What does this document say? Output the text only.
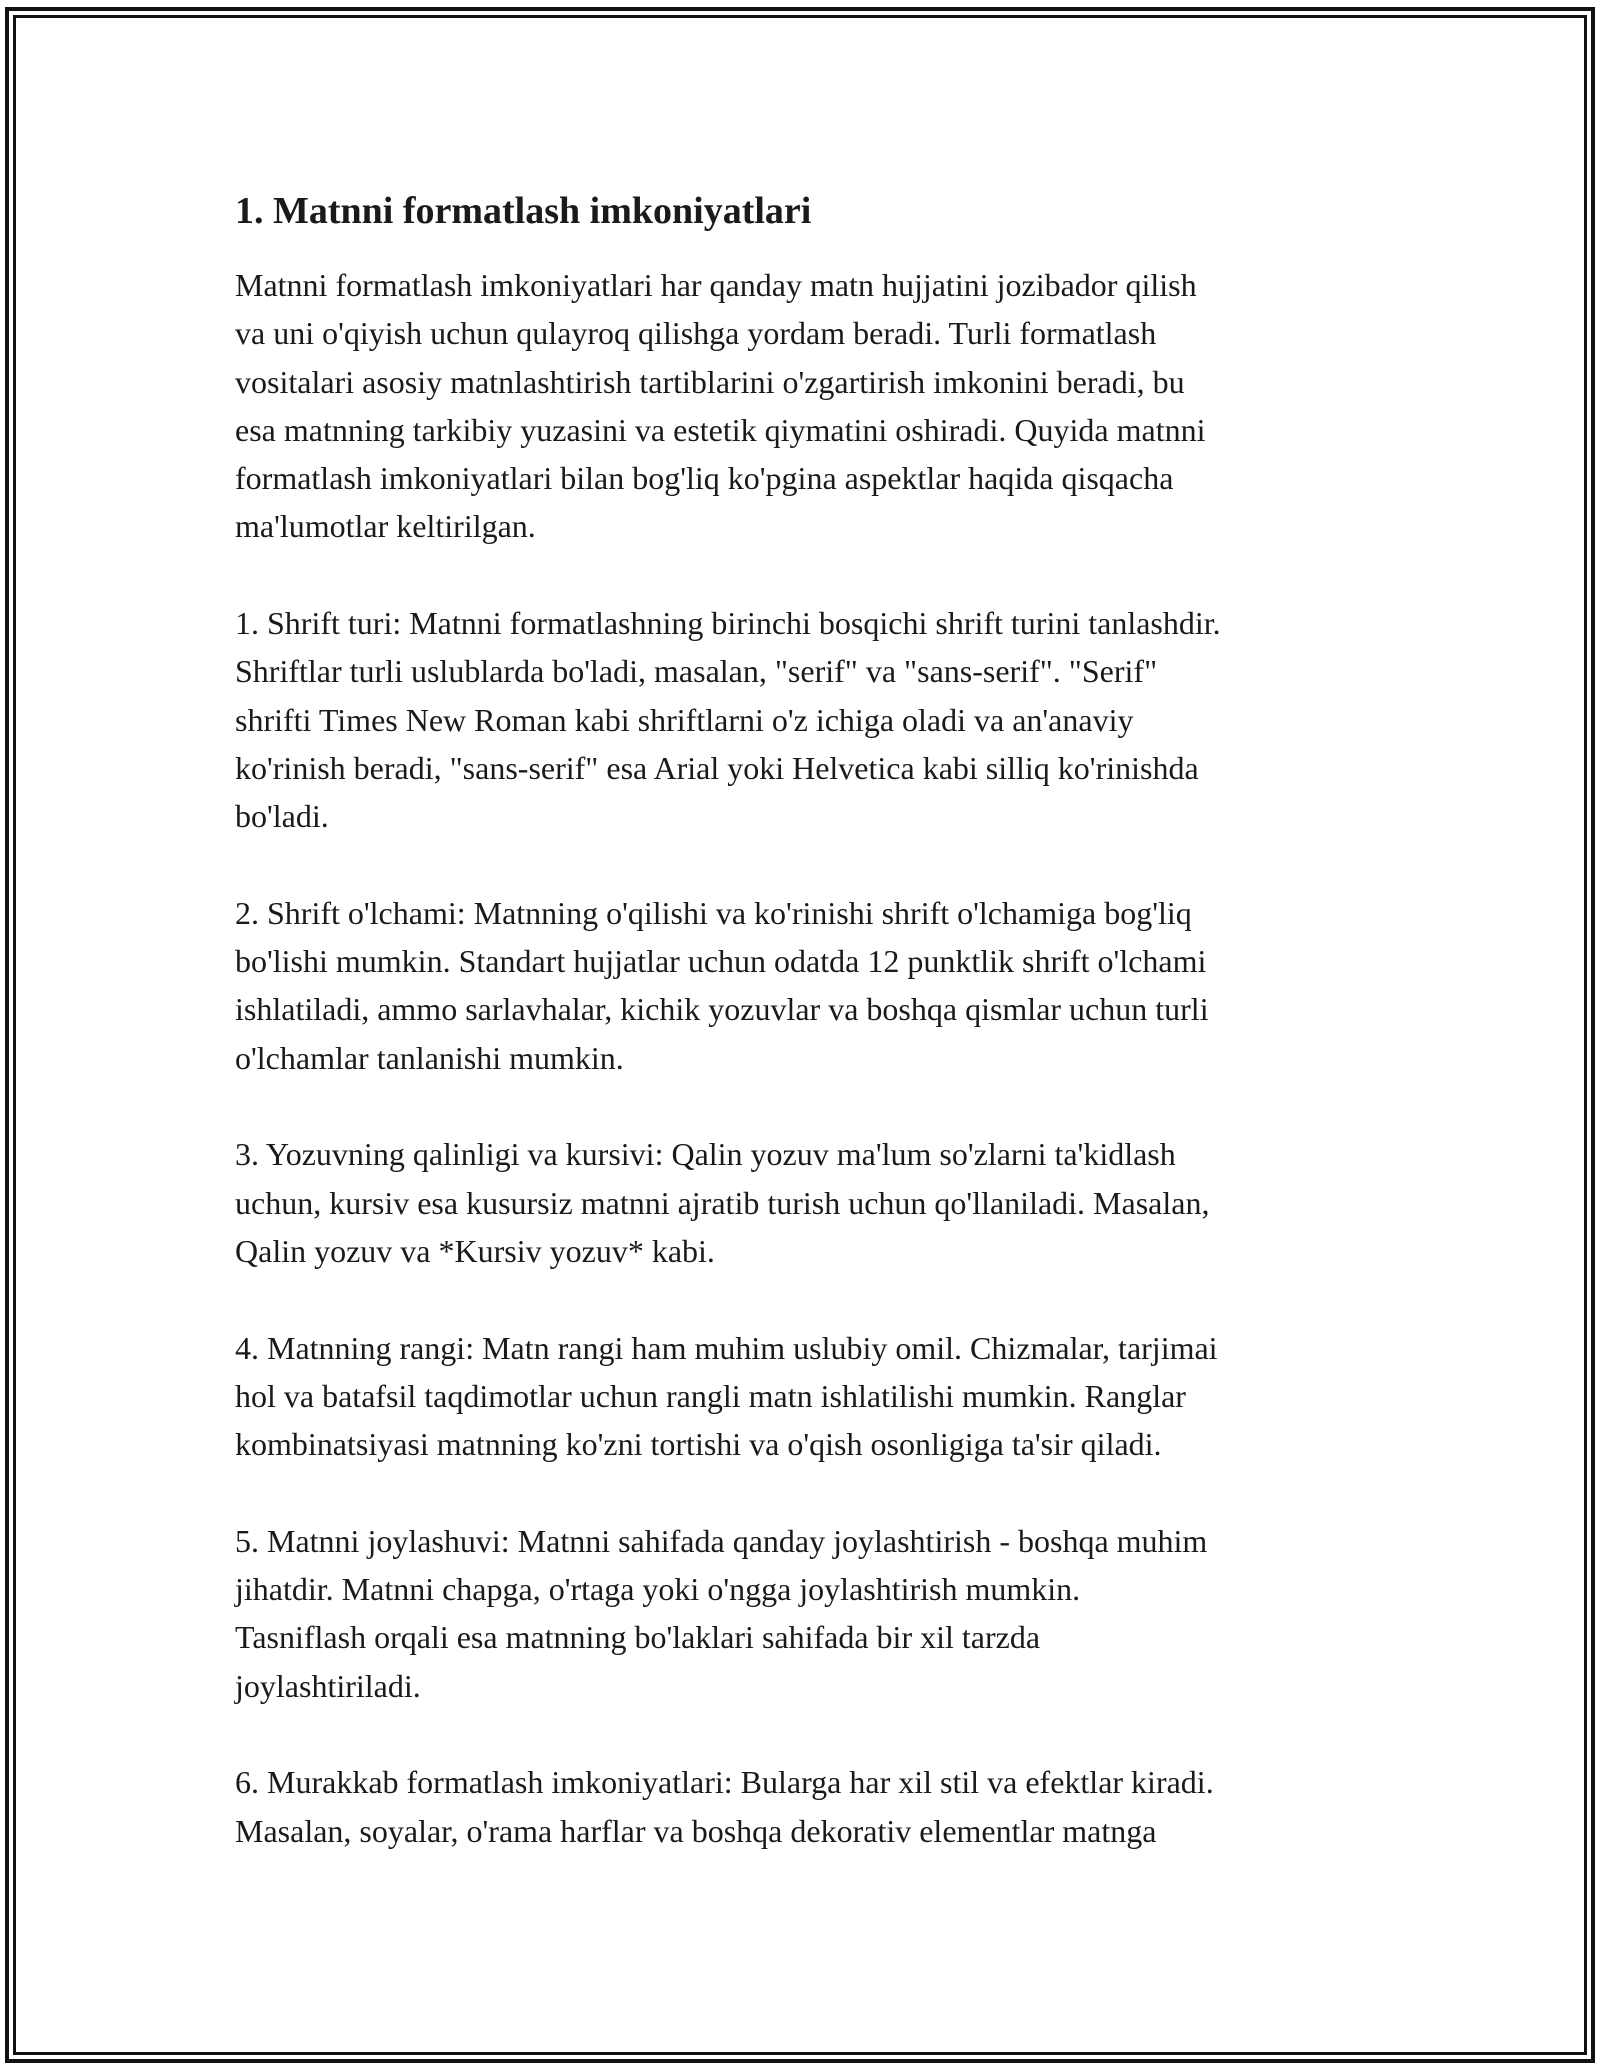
1. Matnni formatlash imkoniyatlari
Matnni formatlash imkoniyatlari har qanday matn hujjatini jozibador qilish
va uni o'qiyish uchun qulayroq qilishga yordam beradi. Turli formatlash
vositalari asosiy matnlashtirish tartiblarini o'zgartirish imkonini beradi, bu
esa matnning tarkibiy yuzasini va estetik qiymatini oshiradi. Quyida matnni
formatlash imkoniyatlari bilan bog'liq ko'pgina aspektlar haqida qisqacha
ma'lumotlar keltirilgan.
1. Shrift turi: Matnni formatlashning birinchi bosqichi shrift turini tanlashdir.
Shriftlar turli uslublarda bo'ladi, masalan, "serif" va "sans-serif". "Serif"
shrifti Times New Roman kabi shriftlarni o'z ichiga oladi va an'anaviy
ko'rinish beradi, "sans-serif" esa Arial yoki Helvetica kabi silliq ko'rinishda
bo'ladi.
2. Shrift o'lchami: Matnning o'qilishi va ko'rinishi shrift o'lchamiga bog'liq
bo'lishi mumkin. Standart hujjatlar uchun odatda 12 punktlik shrift o'lchami
ishlatiladi, ammo sarlavhalar, kichik yozuvlar va boshqa qismlar uchun turli
o'lchamlar tanlanishi mumkin.
3. Yozuvning qalinligi va kursivi: Qalin yozuv ma'lum so'zlarni ta'kidlash
uchun, kursiv esa kusursiz matnni ajratib turish uchun qo'llaniladi. Masalan,
Qalin yozuv va *Kursiv yozuv* kabi.
4. Matnning rangi: Matn rangi ham muhim uslubiy omil. Chizmalar, tarjimai
hol va batafsil taqdimotlar uchun rangli matn ishlatilishi mumkin. Ranglar
kombinatsiyasi matnning ko'zni tortishi va o'qish osonligiga ta'sir qiladi.
5. Matnni joylashuvi: Matnni sahifada qanday joylashtirish - boshqa muhim
jihatdir. Matnni chapga, o'rtaga yoki o'ngga joylashtirish mumkin.
Tasniflash orqali esa matnning bo'laklari sahifada bir xil tarzda
joylashtiriladi.
6. Murakkab formatlash imkoniyatlari: Bularga har xil stil va efektlar kiradi.
Masalan, soyalar, o'rama harflar va boshqa dekorativ elementlar matnga
